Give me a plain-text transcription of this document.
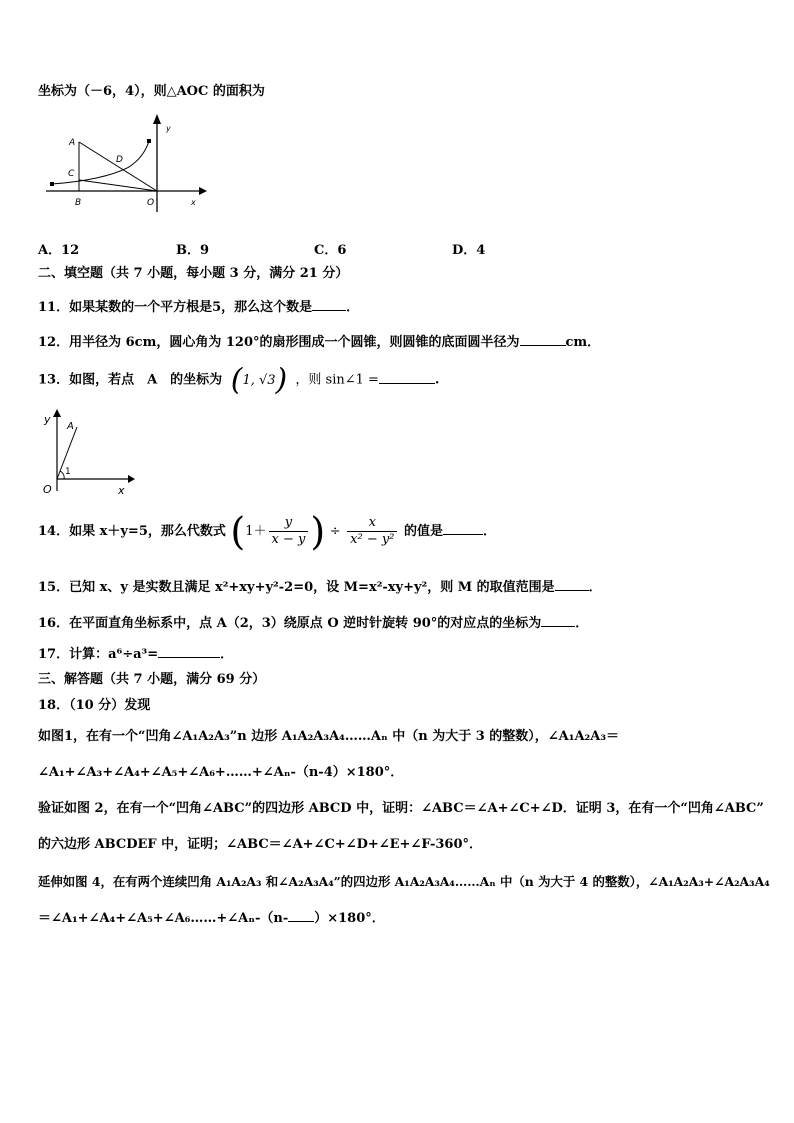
坐标为（－6，4），则△AOC 的面积为
A
C
D
B	O	x
y
A．12	B．9	C．6	D．4
二、填空题（共 7 小题，每小题 3 分，满分 21 分）
11．如果某数的一个平方根是5，那么这个数是	．
12．用半径为 6cm，圆心角为 120°的扇形围成一个圆锥，则圆锥的底面圆半径为	cm．
13．如图，若点　A　的坐标为 (1, √3) ，则 sin∠1 =	.
y
A
1
O	x
14．如果 x＋y=5，那么代数式 ($1+ \frac{y}{x - y}$ ) ÷ $\frac{x}{\text{x² − y²}}$ 的值是	．
15．已知 x、y 是实数且满足 x²+xy+y²-2=0，设 M=x²-xy+y²，则 M 的取值范围是	．
16．在平面直角坐标系中，点 A（2，3）绕原点 O 逆时针旋转 90°的对应点的坐标为	．
17．计算：a⁶÷a³=	．
三、解答题（共 7 小题，满分 69 分）
18．（10 分）发现
如图1，在有一个“凹角∠A₁A₂A₃”n 边形 A₁A₂A₃A₄……Aₙ 中（n 为大于 3 的整数），∠A₁A₂A₃＝
∠A₁+∠A₃+∠A₄+∠A₅+∠A₆+……+∠Aₙ-（n-4）×180°．
验证如图 2，在有一个“凹角∠ABC”的四边形 ABCD 中，证明：∠ABC＝∠A+∠C+∠D．证明 3，在有一个“凹角∠ABC”
的六边形 ABCDEF 中，证明；∠ABC＝∠A+∠C+∠D+∠E+∠F-360°．
延伸如图 4，在有两个连续凹角 A₁A₂A₃ 和∠A₂A₃A₄”的四边形 A₁A₂A₃A₄……Aₙ 中（n 为大于 4 的整数），∠A₁A₂A₃+∠A₂A₃A₄
＝∠A₁+∠A₄+∠A₅+∠A₆……+∠Aₙ-（n- ）×180°．
